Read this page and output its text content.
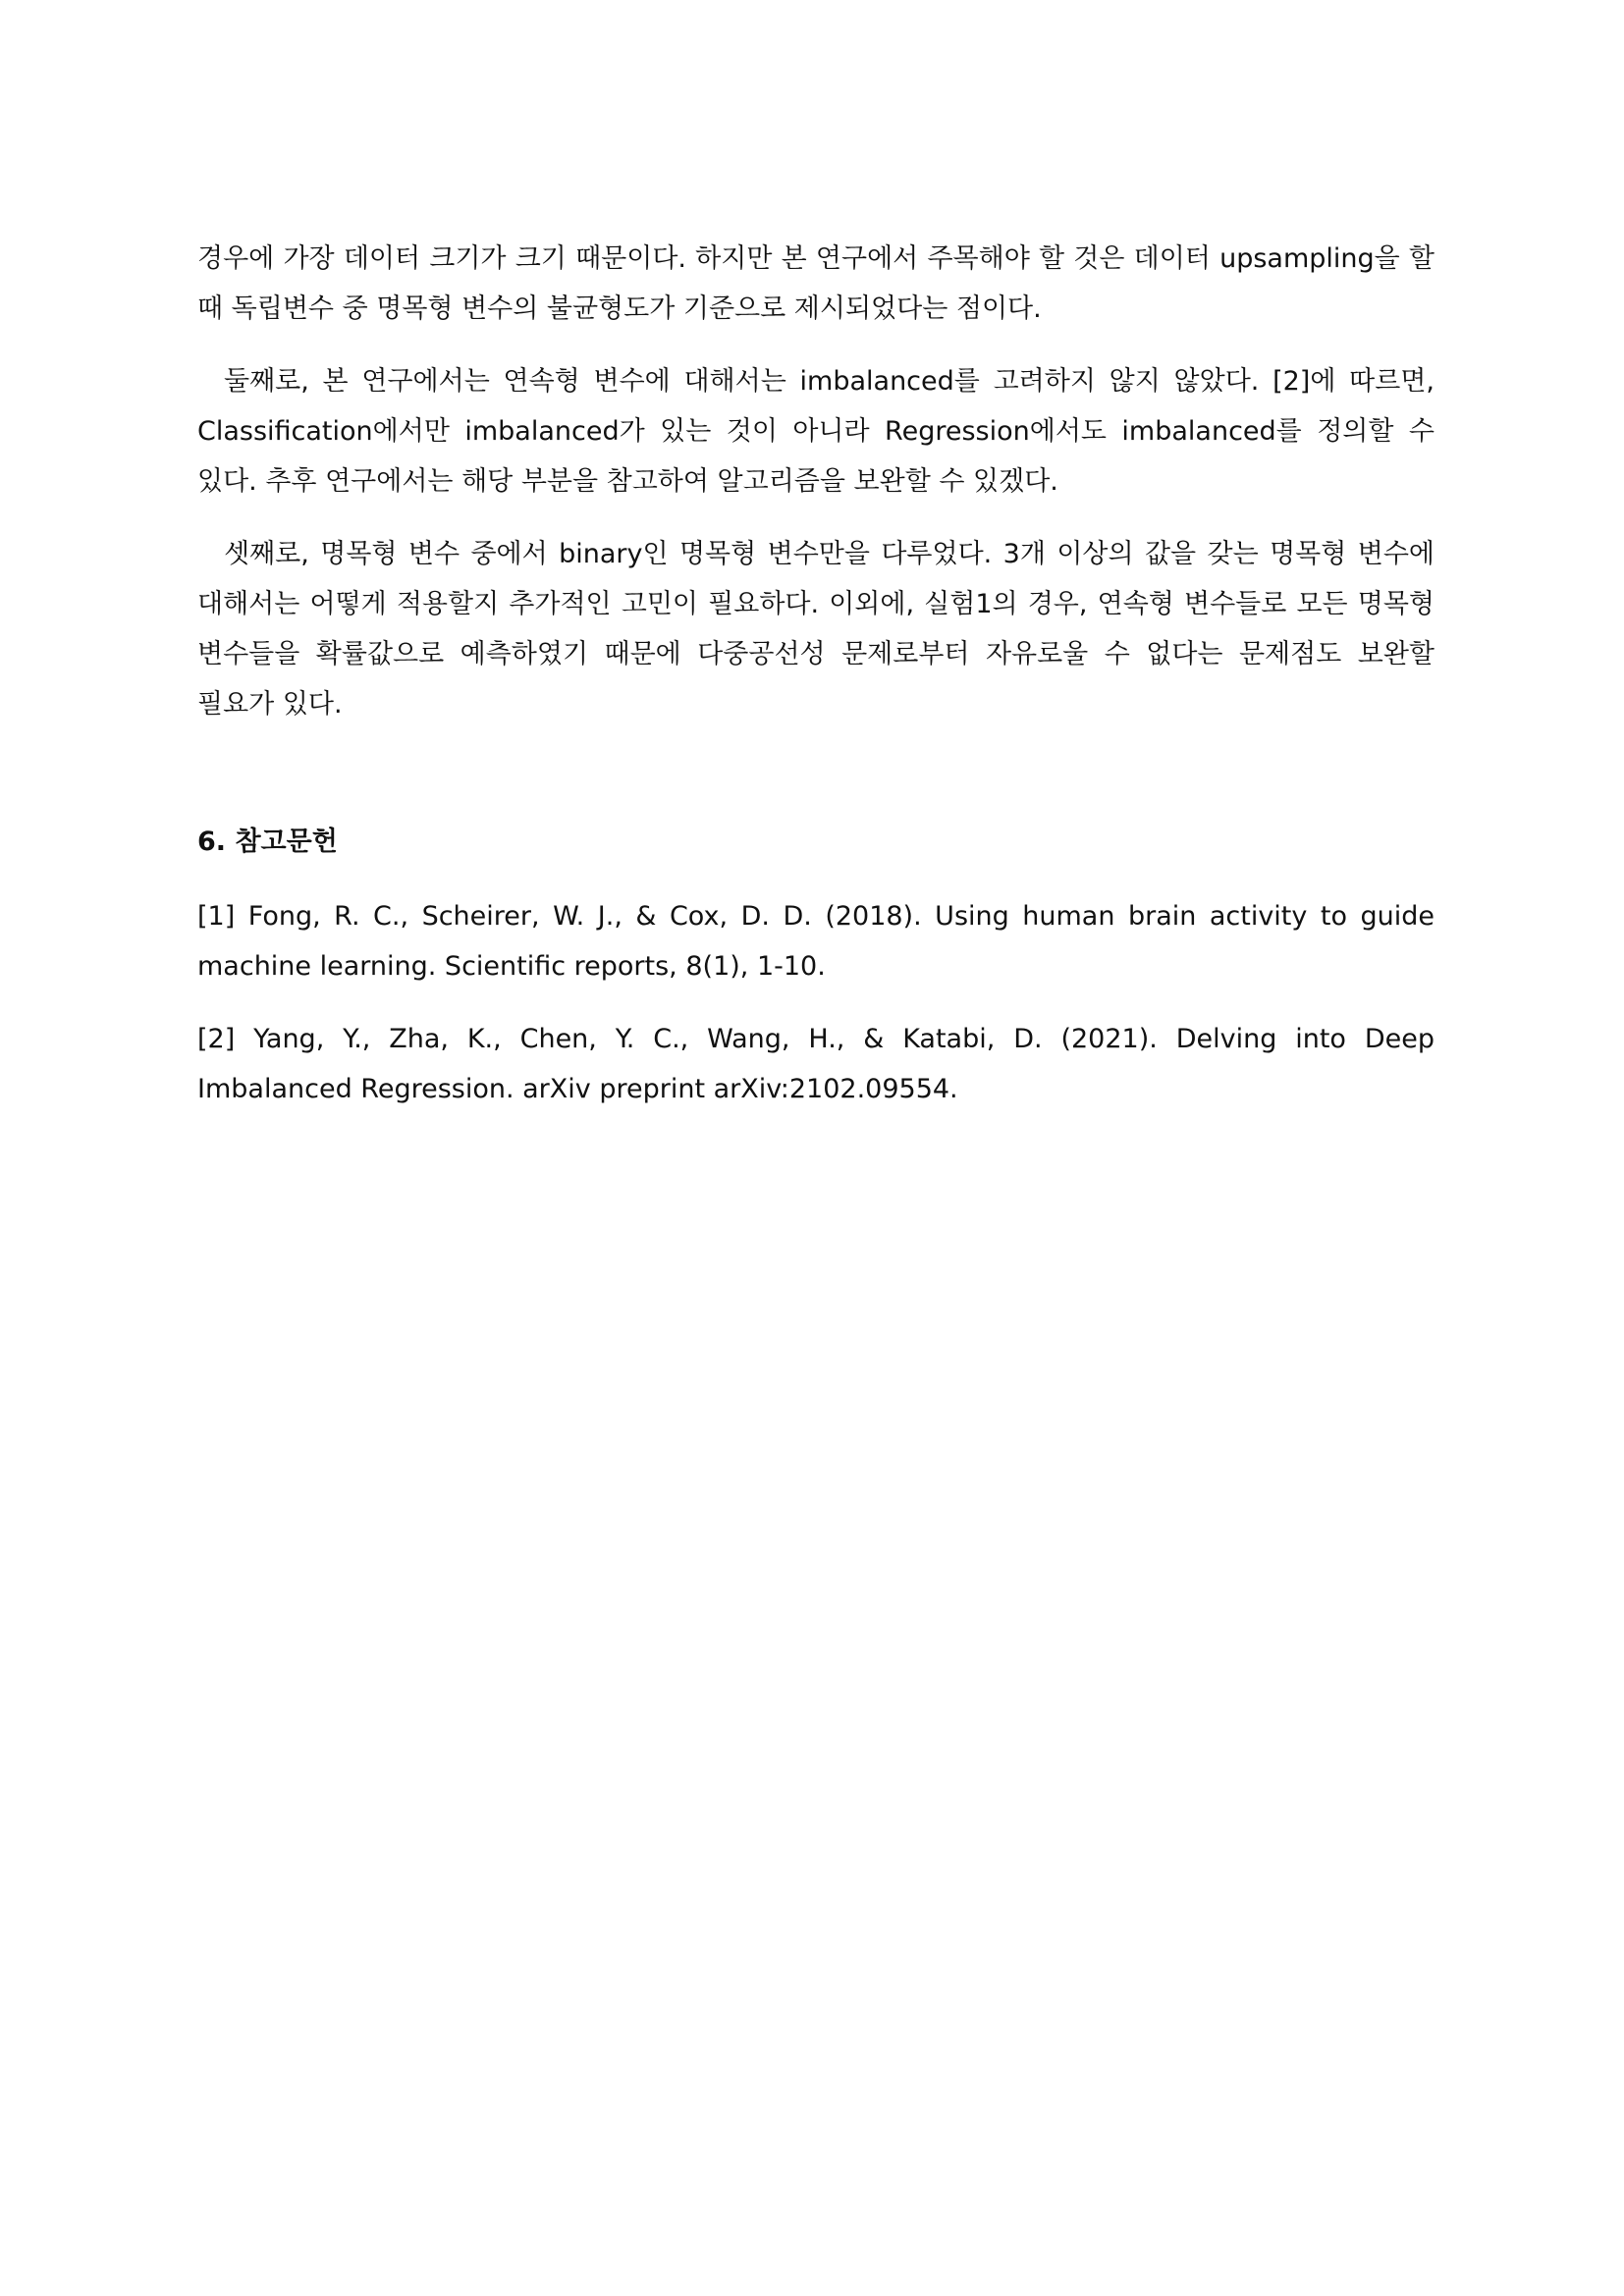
경우에 가장 데이터 크기가 크기 때문이다. 하지만 본 연구에서 주목해야 할 것은 데이터 upsampling을 할 때 독립변수 중 명목형 변수의 불균형도가 기준으로 제시되었다는 점이다.

둘째로, 본 연구에서는 연속형 변수에 대해서는 imbalanced를 고려하지 않지 않았다. [2]에 따르면, Classification에서만 imbalanced가 있는 것이 아니라 Regression에서도 imbalanced를 정의할 수 있다. 추후 연구에서는 해당 부분을 참고하여 알고리즘을 보완할 수 있겠다.

셋째로, 명목형 변수 중에서 binary인 명목형 변수만을 다루었다. 3개 이상의 값을 갖는 명목형 변수에 대해서는 어떻게 적용할지 추가적인 고민이 필요하다. 이외에, 실험1의 경우, 연속형 변수들로 모든 명목형 변수들을 확률값으로 예측하였기 때문에 다중공선성 문제로부터 자유로울 수 없다는 문제점도 보완할 필요가 있다.

6. 참고문헌

[1] Fong, R. C., Scheirer, W. J., & Cox, D. D. (2018). Using human brain activity to guide machine learning. Scientific reports, 8(1), 1-10.

[2] Yang, Y., Zha, K., Chen, Y. C., Wang, H., & Katabi, D. (2021). Delving into Deep Imbalanced Regression. arXiv preprint arXiv:2102.09554.
